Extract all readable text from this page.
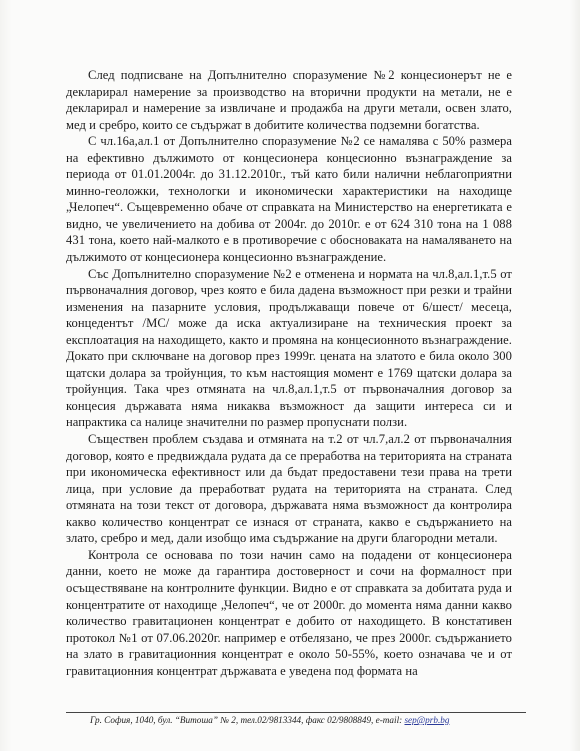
След подписване на Допълнително споразумение №2 концесионерът не е декларирал намерение за производство на вторични продукти на метали, не е декларирал и намерение за извличане и продажба на други метали, освен злато, мед и сребро, които се съдържат в добитите количества подземни богатства.

С чл.16а,ал.1 от Допълнително споразумение №2 се намалява с 50% размера на ефективно дължимото от концесионера концесионно възнаграждение за периода от 01.01.2004г. до 31.12.2010г., тъй като били налични неблагоприятни минно-геоложки, технологки и икономически характеристики на находище „Челопеч“. Същевременно обаче от справката на Министерство на енергетиката е видно, че увеличението на добива от 2004г. до 2010г. е от 624 310 тона на 1 088 431 тона, което най-малкото е в противоречие с обосноваката на намаляването на дължимото от концесионера концесионно възнаграждение.

Със Допълнително споразумение №2 е отменена и нормата на чл.8,ал.1,т.5 от първоначалния договор, чрез която е била дадена възможност при резки и трайни изменения на пазарните условия, продължаващи повече от 6/шест/ месеца, концедентът /МС/ може да иска актуализиране на техническия проект за експлоатация на находището, както и промяна на концесионното възнаграждение. Докато при сключване на договор през 1999г. цената на златото е била около 300 щатски долара за тройунция, то към настоящия момент е 1769 щатски долара за тройунция. Така чрез отмяната на чл.8,ал.1,т.5 от първоначалния договор за концесия държавата няма никаква възможност да защити интереса си и напрактика са налице значителни по размер пропуснати ползи.

Съществен проблем създава и отмяната на т.2 от чл.7,ал.2 от първоначалния договор, която е предвиждала рудата да се преработва на територията на страната при икономическа ефективност или да бъдат предоставени тези права на трети лица, при условие да преработват рудата на територията на страната. След отмяната на този текст от договора, държавата няма възможност да контролира какво количество концентрат се изнася от страната, какво е съдържанието на злато, сребро и мед, дали изобщо има съдържание на други благородни метали.

Контрола се основава по този начин само на подадени от концесионера данни, което не може да гарантира достоверност и сочи на формалност при осъществяване на контролните функции. Видно е от справката за добитата руда и концентратите от находище „Челопеч“, че от 2000г. до момента няма данни какво количество гравитационен концентрат е добито от находището. В констативен протокол №1 от 07.06.2020г. например е отбелязано, че през 2000г. съдържанието на злато в гравитационния концентрат е около 50-55%, което означава че и от гравитационния концентрат държавата е уведена под формата на

Гр. София, 1040, бул. “Витоша” № 2, тел.02/9813344, факс 02/9808849, e-mail: sep@prb.bg
